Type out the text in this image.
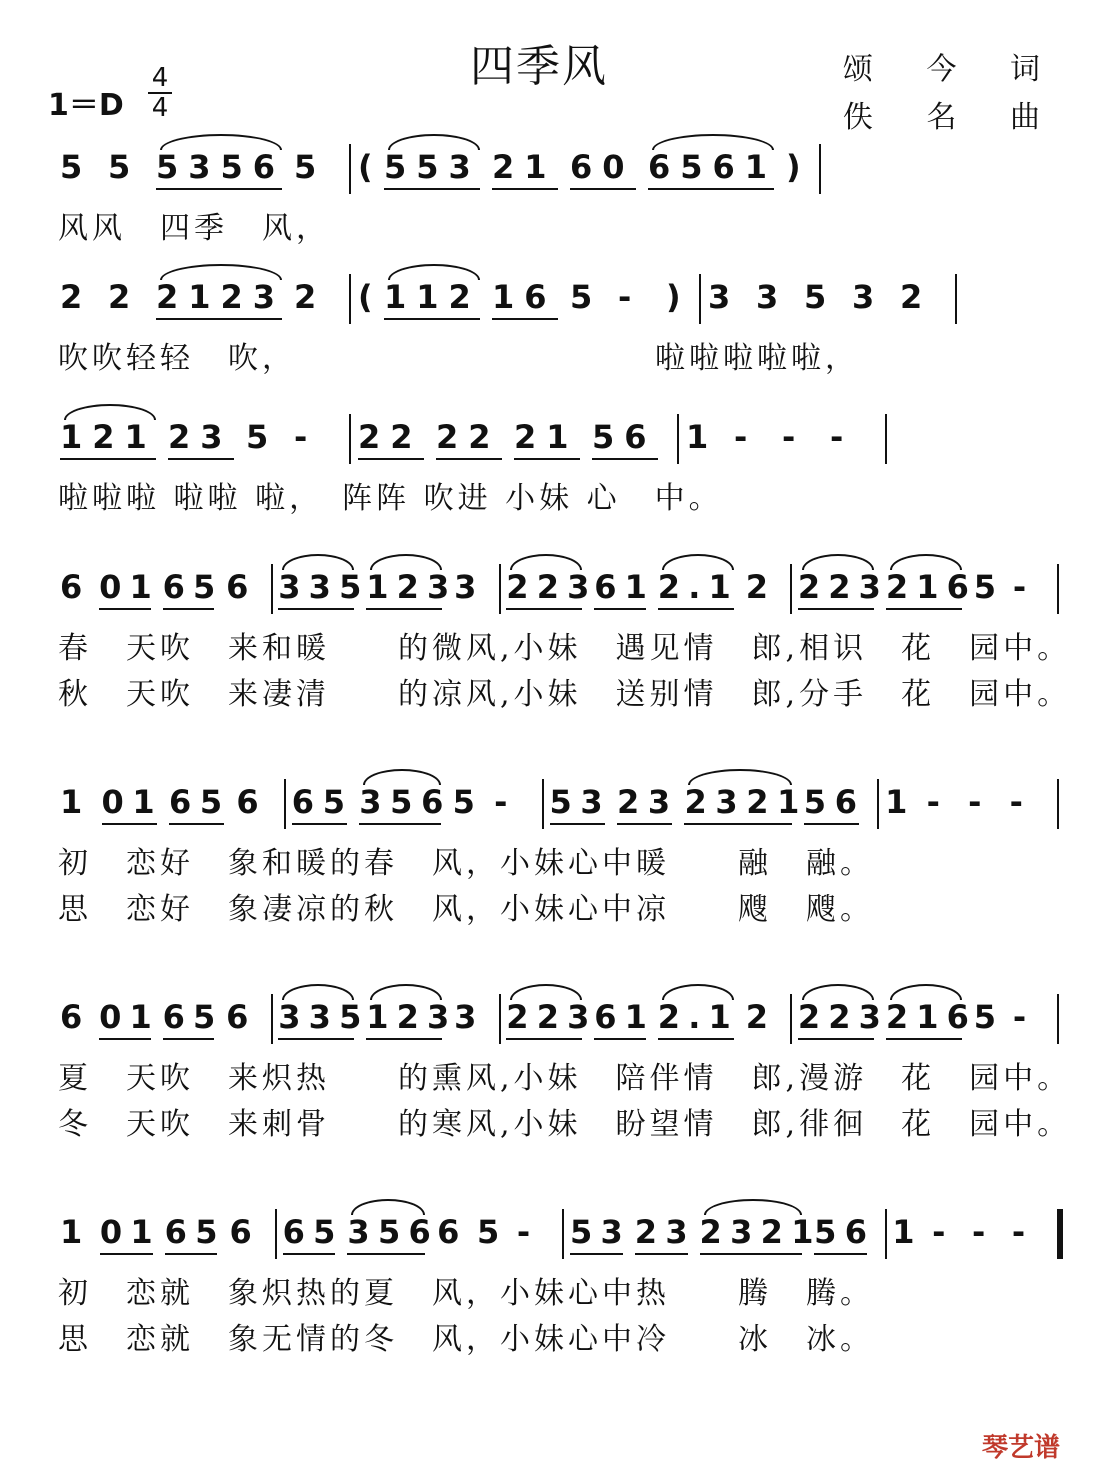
四季风	颂 今 词
佚 名 曲
1＝D
4
4
5 5 5356 5 ( 553 21 60 6561 )
风风　四季　风，
2 2 2123 2 ( 112 16 5 - ) 3 3 5 3 2
吹吹轻轻　吹，　　　　　　　　　　　啦啦啦啦啦，
121 23 5 - 22 22 21 56 1 - - -
啦啦啦 啦啦 啦，　阵阵 吹进 小妹 心　中。
6 01 65 6 335
123
3 223
61 2.1 2 223
216
5 -
春　天吹　来和暖　　的微风,小妹　遇见情　郎,相识　花　园中。
秋　天吹　来凄清　　的凉风,小妹　送别情　郎,分手　花　园中。
1 01 65 6 65 356 5 - 53 23 2321
56 1 - - -
初　恋好　象和暖的春　风，小妹心中暖　　融　融。
思　恋好　象凄凉的秋　风，小妹心中凉　　飕　飕。
6 01 65 6 335
123
3 223
61 2.1 2 223
216
5 -
夏　天吹　来炽热　　的熏风,小妹　陪伴情　郎,漫游　花　园中。
冬　天吹　来刺骨　　的寒风,小妹　盼望情　郎,徘徊　花　园中。
1 01 65 6 65 356
6 5 - 53 23 2321
56 1 - - -
初　恋就　象炽热的夏　风，小妹心中热　　腾　腾。
思　恋就　象无情的冬　风，小妹心中冷　　冰　冰。
琴艺谱
